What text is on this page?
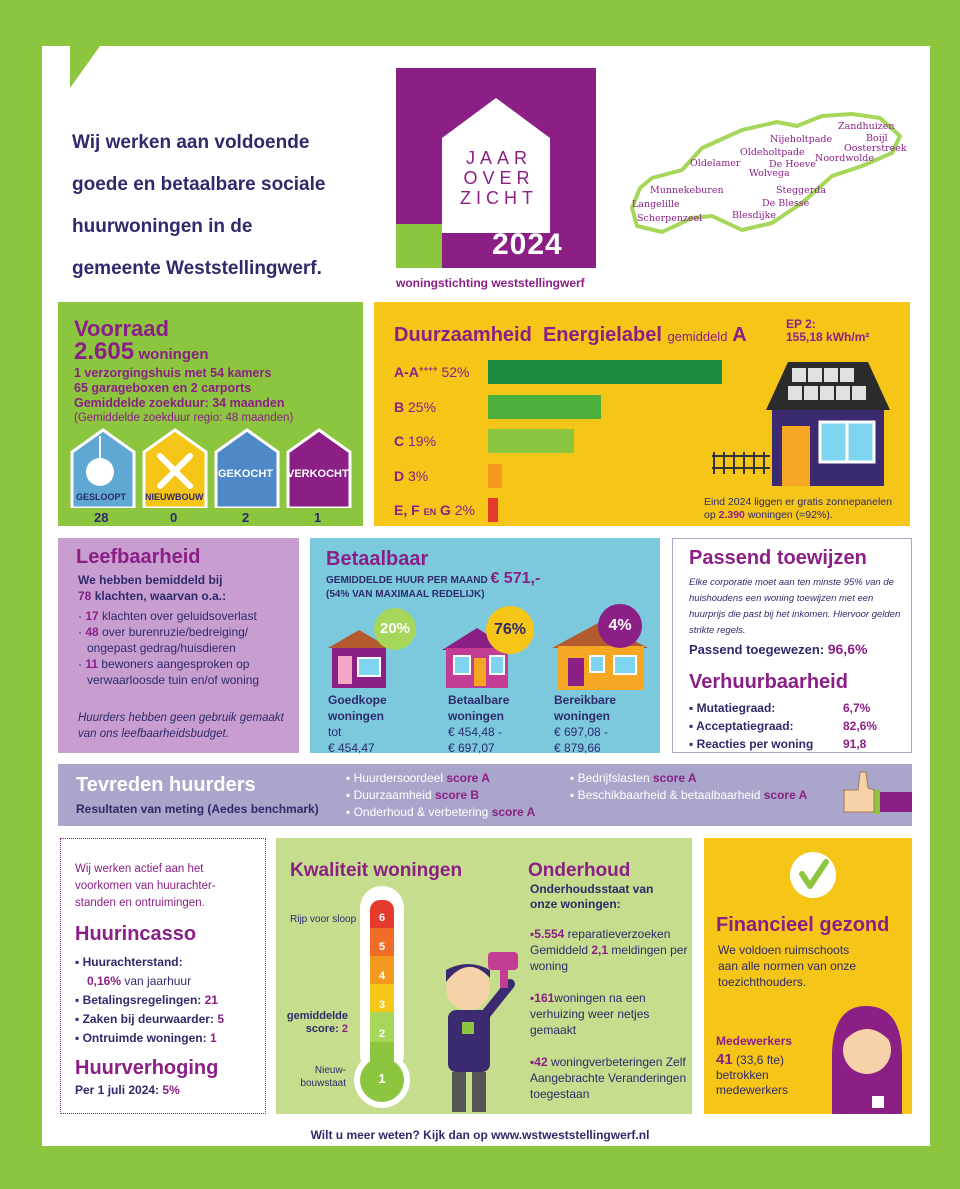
Wij werken aan voldoende
goede en betaalbare sociale
huurwoningen in de
gemeente Weststellingwerf.
JAAR
OVER
ZICHT
2024
woningstichting weststellingwerf
Zandhuizen
Nijeholtpade	Boijl
Oosterstreek
Oldeholtpade
Noordwolde
Oldelamer	De Hoeve
Wolvega
Munnekeburen	Steggerda
Langelille	De Blesse
Scherpenzeel	Blesdijke
Voorraad
2.605 woningen
1 verzorgingshuis met 54 kamers
65 garageboxen en 2 carports
Gemiddelde zoekduur: 34 maanden
(Gemiddelde zoekduur regio: 48 maanden)
GESLOOPT
28
NIEUWBOUW
0
GEKOCHT
2
VERKOCHT
1
Duurzaamheid Energielabel gemiddeld A	EP 2:
155,18 kWh/m²
A-A++++ 52%
B 25%
C 19%
D 3%
E, F EN G 2%	Eind 2024 liggen er gratis zonnepanelen
op 2.390 woningen (=92%).
Leefbaarheid
We hebben bemiddeld bij
78 klachten, waarvan o.a.:
· 17 klachten over geluidsoverlast
· 48 over burenruzie/bedreiging/ ongepast gedrag/huisdieren
· 11 bewoners aangesproken op verwaarloosde tuin en/of woning
Huurders hebben geen gebruik gemaakt van ons leefbaarheidsbudget.
Betaalbaar
GEMIDDELDE HUUR PER MAAND € 571,-
(54% VAN MAXIMAAL REDELIJK)
20%
Goedkope
woningen
tot
€ 454,47
76%
Betaalbare
woningen
€ 454,48 -
€ 697,07
4%
Bereikbare
woningen
€ 697,08 -
€ 879,66
Passend toewijzen
Elke corporatie moet aan ten minste 95% van de huishoudens een woning toewijzen met een huurprijs die past bij het inkomen. Hiervoor gelden strikte regels.
Passend toegewezen: 96,6%
Verhuurbaarheid
▪ Mutatiegraad:	6,7%
▪ Acceptatiegraad:	82,6%
▪ Reacties per woning 91,8
Tevreden huurders
Resultaten van meting (Aedes benchmark)
▪ Huurdersoordeel score A
▪ Duurzaamheid score B
▪ Onderhoud & verbetering score A
▪ Bedrijfslasten score A
▪ Beschikbaarheid & betaalbaarheid score A
Wij werken actief aan het voorkomen van huurachter- standen en ontruimingen.
Huurincasso
▪ Huurachterstand:
0,16% van jaarhuur
▪ Betalingsregelingen: 21
▪ Zaken bij deurwaarder: 5
▪ Ontruimde woningen: 1
Huurverhoging
Per 1 juli 2024: 5%
Kwaliteit woningen
Rijp voor sloop
gemiddelde
score: 2
Nieuw-
bouwstaat
6
5
4
3
2
1
Onderhoud
Onderhoudsstaat van onze woningen:
▪5.554 reparatieverzoeken
Gemiddeld 2,1 meldingen per woning
▪161woningen na een verhuizing weer netjes gemaakt
▪42 woningverbeteringen Zelf Aangebrachte Veranderingen toegestaan
Financieel gezond
We voldoen ruimschoots aan alle normen van onze toezichthouders.
Medewerkers
41 (33,6 fte)
betrokken medewerkers
Wilt u meer weten? Kijk dan op www.wstweststellingwerf.nl
